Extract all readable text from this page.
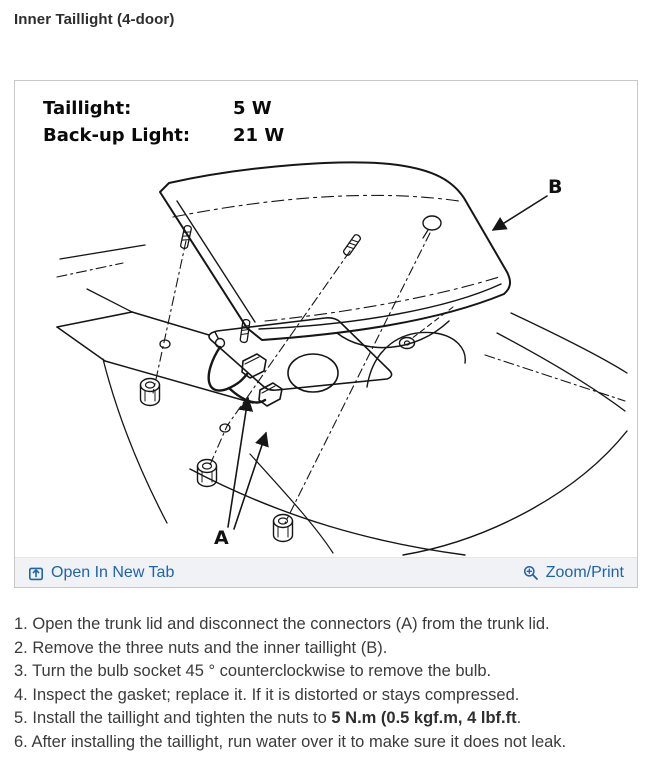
Inner Taillight (4-door)
B
A
Taillight:	5 W
Back-up Light:	21 W
Open In New Tab	Zoom/Print
1. Open the trunk lid and disconnect the connectors (A) from the trunk lid.
2. Remove the three nuts and the inner taillight (B).
3. Turn the bulb socket 45 ° counterclockwise to remove the bulb.
4. Inspect the gasket; replace it. If it is distorted or stays compressed.
5. Install the taillight and tighten the nuts to 5 N.m (0.5 kgf.m, 4 lbf.ft.
6. After installing the taillight, run water over it to make sure it does not leak.
